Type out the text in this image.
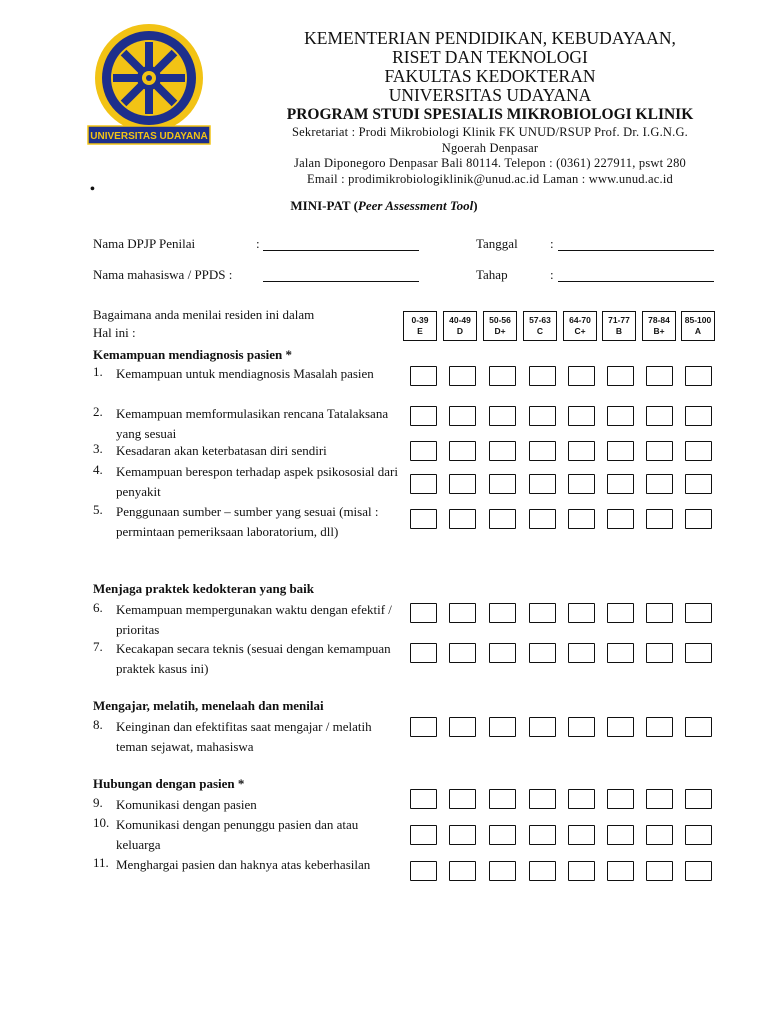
UNIVERSITAS UDAYANA
KEMENTERIAN PENDIDIKAN, KEBUDAYAAN,
RISET DAN TEKNOLOGI
FAKULTAS KEDOKTERAN
UNIVERSITAS UDAYANA
PROGRAM STUDI SPESIALIS MIKROBIOLOGI KLINIK
Sekretariat : Prodi Mikrobiologi Klinik FK UNUD/RSUP Prof. Dr. I.G.N.G.
Ngoerah Denpasar
Jalan Diponegoro Denpasar Bali 80114. Telepon : (0361) 227911, pswt 280
Email : prodimikrobiologiklinik@unud.ac.id Laman : www.unud.ac.id
•
MINI-PAT (Peer Assessment Tool)
Nama DPJP Penilai	:	Tanggal :
Nama mahasiswa / PPDS :	Tahap	:
Bagaimana anda menilai residen ini dalam
Hal ini :
0-39
E
40-49
D
50-56
D+
57-63
C
64-70
C+
71-77
B
78-84
B+
85-100
A
Kemampuan mendiagnosis pasien *
Menjaga praktek kedokteran yang baik
Mengajar, melatih, menelaah dan menilai
Hubungan dengan pasien *
1. Kemampuan untuk mendiagnosis Masalah pasien
2. Kemampuan memformulasikan rencana Tatalaksana yang sesuai
3. Kesadaran akan keterbatasan diri sendiri
4. Kemampuan berespon terhadap aspek psikososial dari penyakit
5. Penggunaan sumber – sumber yang sesuai (misal : permintaan pemeriksaan laboratorium, dll)
6. Kemampuan mempergunakan waktu dengan efektif / prioritas
7. Kecakapan secara teknis (sesuai dengan kemampuan praktek kasus ini)
8. Keinginan dan efektifitas saat mengajar / melatih teman sejawat, mahasiswa
9. Komunikasi dengan pasien
10. Komunikasi dengan penunggu pasien dan atau keluarga
11. Menghargai pasien dan haknya atas keberhasilan
